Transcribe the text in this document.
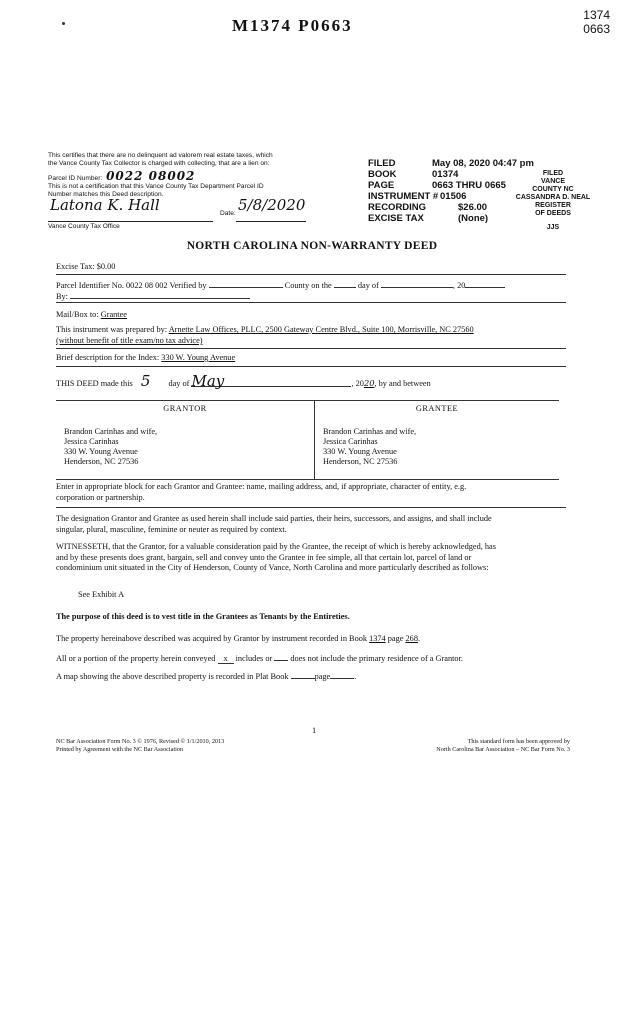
1374
0663
M1374 P0663
This certifies that there are no delinquent ad valorem real estate taxes, which
the Vance County Tax Collector is charged with collecting, that are a lien on:
Parcel ID Number: 0022 08002
This is not a certification that this Vance County Tax Department Parcel ID
Number matches this Deed description.
Latona K. Hall	Date: 5/8/2020
Vance County Tax Office
FILED	May 08, 2020 04:47 pm
BOOK	01374
PAGE	0663 THRU 0665
INSTRUMENT # 01506
RECORDING	$26.00
EXCISE TAX	(None)
FILED
VANCE
COUNTY NC
CASSANDRA D. NEAL
REGISTER
OF DEEDS
JJS
NORTH CAROLINA NON-WARRANTY DEED
Excise Tax: $0.00
Parcel Identifier No. 0022 08 002 Verified by	County on the	day of	, 20
By:
Mail/Box to: Grantee
This instrument was prepared by: Arnette Law Offices, PLLC, 2500 Gateway Centre Blvd., Suite 100, Morrisville, NC 27560
(without benefit of title exam/no tax advice)
Brief description for the Index: 330 W. Young Avenue
THIS DEED made this 5 day of May	, 2020, by and between
GRANTOR
Brandon Carinhas and wife,
Jessica Carinhas
330 W. Young Avenue
Henderson, NC 27536
GRANTEE
Brandon Carinhas and wife,
Jessica Carinhas
330 W. Young Avenue
Henderson, NC 27536
Enter in appropriate block for each Grantor and Grantee: name, mailing address, and, if appropriate, character of entity, e.g.
corporation or partnership.
The designation Grantor and Grantee as used herein shall include said parties, their heirs, successors, and assigns, and shall include
singular, plural, masculine, feminine or neuter as required by context.
WITNESSETH, that the Grantor, for a valuable consideration paid by the Grantee, the receipt of which is hereby acknowledged, has
and by these presents does grant, bargain, sell and convey unto the Grantee in fee simple, all that certain lot, parcel of land or
condominium unit situated in the City of Henderson, County of Vance, North Carolina and more particularly described as follows:
See Exhibit A
The purpose of this deed is to vest title in the Grantees as Tenants by the Entireties.
The property hereinabove described was acquired by Grantor by instrument recorded in Book 1374 page 268.
All or a portion of the property herein conveyed x includes or does not include the primary residence of a Grantor.
A map showing the above described property is recorded in Plat Book	page	.
1
NC Bar Association Form No. 3 © 1976, Revised © 1/1/2010, 2013
Printed by Agreement with the NC Bar Association
This standard form has been approved by
North Carolina Bar Association – NC Bar Form No. 3
